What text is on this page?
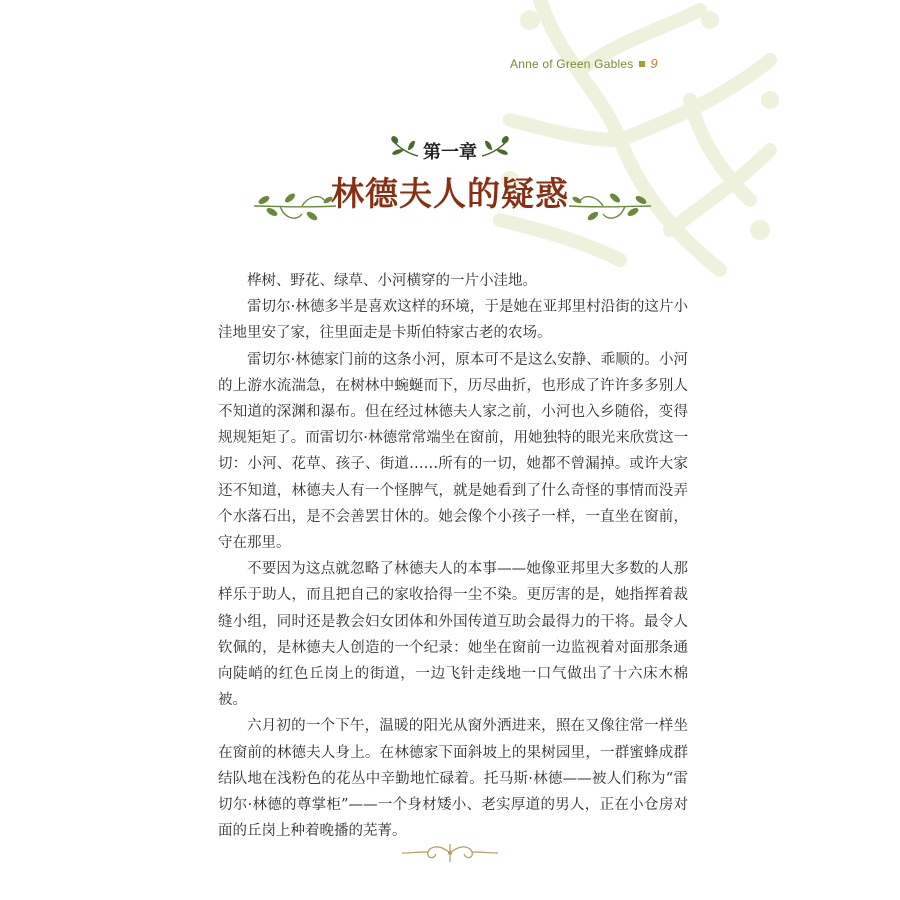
Anne of Green Gables 9
第一章
林德夫人的疑惑

桦树、野花、绿草、小河横穿的一片小洼地。

雷切尔·林德多半是喜欢这样的环境，于是她在亚邦里村沿街的这片小洼地里安了家，往里面走是卡斯伯特家古老的农场。

雷切尔·林德家门前的这条小河，原本可不是这么安静、乖顺的。小河的上游水流湍急，在树林中蜿蜒而下，历尽曲折，也形成了许许多多别人不知道的深渊和瀑布。但在经过林德夫人家之前，小河也入乡随俗，变得规规矩矩了。而雷切尔·林德常常端坐在窗前，用她独特的眼光来欣赏这一切：小河、花草、孩子、街道……所有的一切，她都不曾漏掉。或许大家还不知道，林德夫人有一个怪脾气，就是她看到了什么奇怪的事情而没弄个水落石出，是不会善罢甘休的。她会像个小孩子一样，一直坐在窗前，守在那里。

不要因为这点就忽略了林德夫人的本事——她像亚邦里大多数的人那样乐于助人，而且把自己的家收拾得一尘不染。更厉害的是，她指挥着裁缝小组，同时还是教会妇女团体和外国传道互助会最得力的干将。最令人钦佩的，是林德夫人创造的一个纪录：她坐在窗前一边监视着对面那条通向陡峭的红色丘岗上的街道，一边飞针走线地一口气做出了十六床木棉被。

六月初的一个下午，温暖的阳光从窗外洒进来，照在又像往常一样坐在窗前的林德夫人身上。在林德家下面斜坡上的果树园里，一群蜜蜂成群结队地在浅粉色的花丛中辛勤地忙碌着。托马斯·林德——被人们称为“雷切尔·林德的尊掌柜”——一个身材矮小、老实厚道的男人，正在小仓房对面的丘岗上种着晚播的芜菁。
